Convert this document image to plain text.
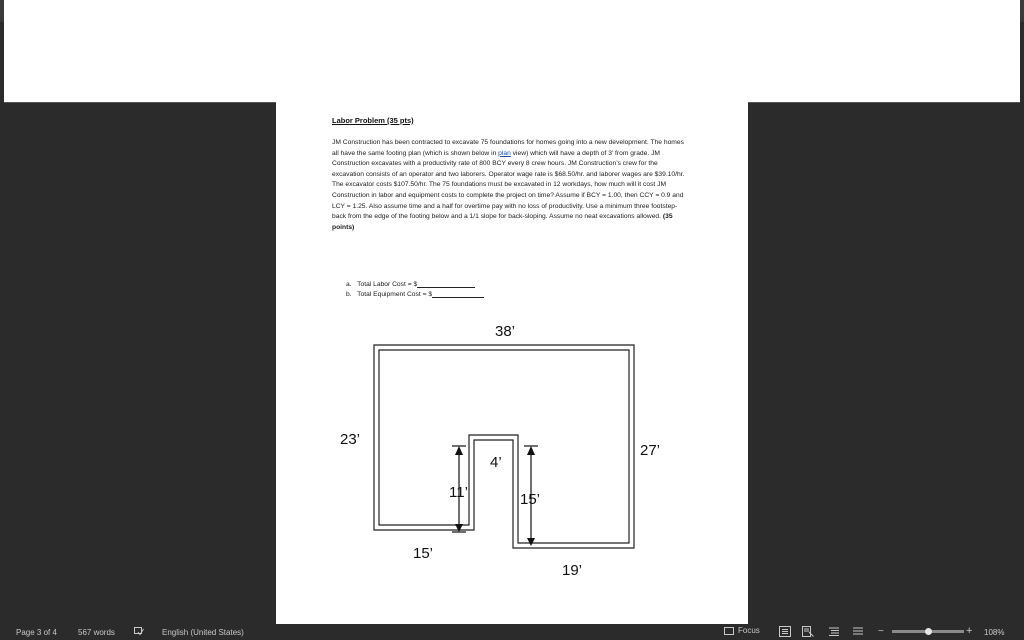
Labor Problem (35 pts)

JM Construction has been contracted to excavate 75 foundations for homes going into a new development. The homes all have the same footing plan (which is shown below in plan view) which will have a depth of 3’ from grade. JM Construction excavates with a productivity rate of 800 BCY every 8 crew hours. JM Construction’s crew for the excavation consists of an operator and two laborers. Operator wage rate is $68.50/hr. and laborer wages are $39.10/hr. The excavator costs $107.50/hr. The 75 foundations must be excavated in 12 workdays, how much will it cost JM Construction in labor and equipment costs to complete the project on time? Assume if BCY = 1.00, then CCY = 0.9 and LCY = 1.25. Also assume time and a half for overtime pay with no loss of productivity. Use a minimum three footstep-back from the edge of the footing below and a 1/1 slope for back-sloping. Assume no neat excavations allowed. (35 points)

a. Total Labor Cost = $
b. Total Equipment Cost = $
38’
23’
27’
4’
11’	15’
15’
19’
Page 3 of 4	567 words	English (United States)	Focus	−	+ 108%
